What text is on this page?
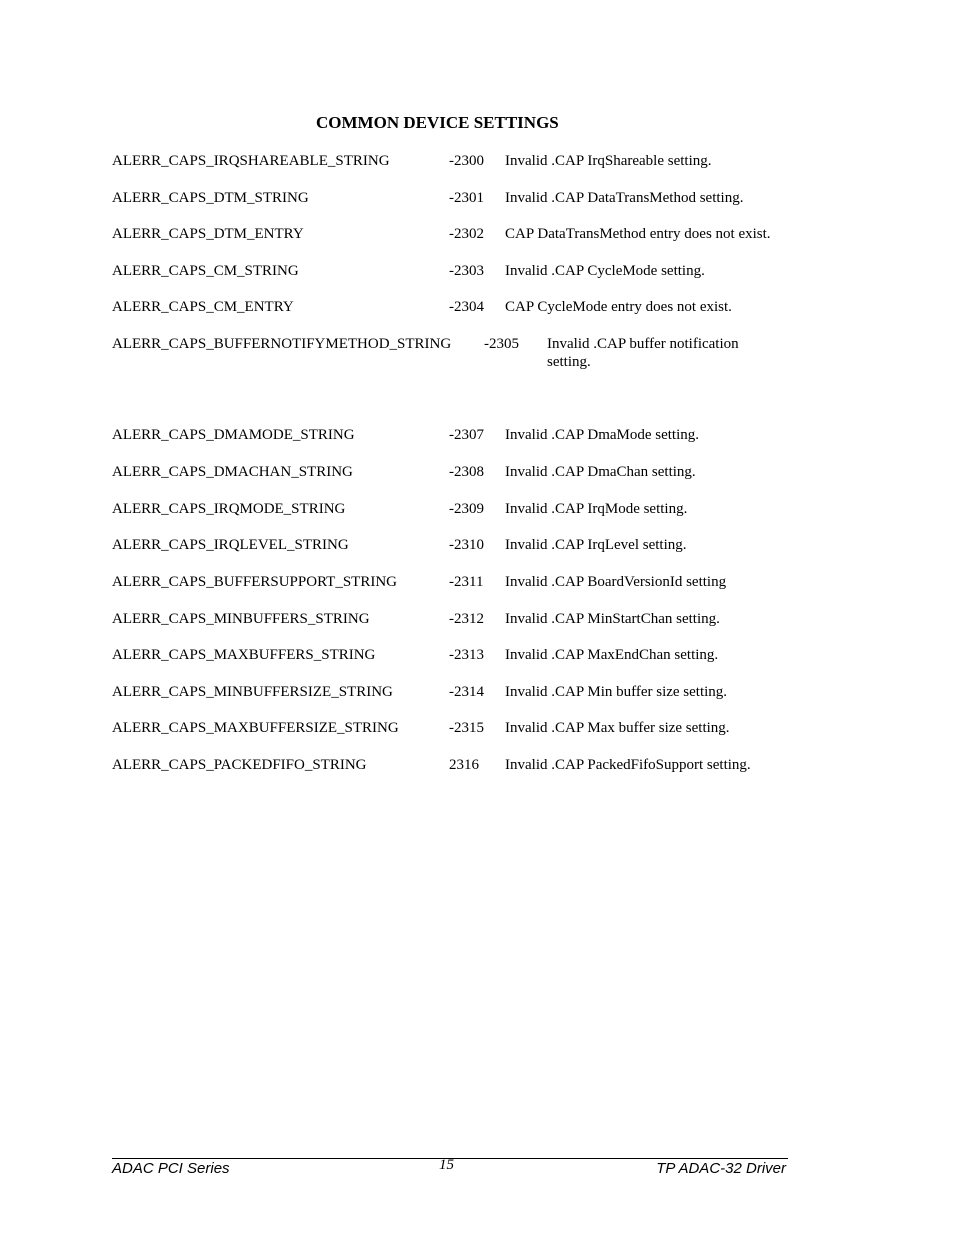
COMMON DEVICE SETTINGS
ALERR_CAPS_IRQSHAREABLE_STRING	-2300 Invalid .CAP IrqShareable setting.
ALERR_CAPS_DTM_STRING	-2301 Invalid .CAP DataTransMethod setting.
ALERR_CAPS_DTM_ENTRY	-2302 CAP DataTransMethod entry does not exist.
ALERR_CAPS_CM_STRING	-2303 Invalid .CAP CycleMode setting.
ALERR_CAPS_CM_ENTRY	-2304 CAP CycleMode entry does not exist.
ALERR_CAPS_BUFFERNOTIFYMETHOD_STRING -2305 Invalid .CAP buffer notification setting.
ALERR_CAPS_DMAMODE_STRING	-2307 Invalid .CAP DmaMode setting.
ALERR_CAPS_DMACHAN_STRING	-2308 Invalid .CAP DmaChan setting.
ALERR_CAPS_IRQMODE_STRING	-2309 Invalid .CAP IrqMode setting.
ALERR_CAPS_IRQLEVEL_STRING	-2310 Invalid .CAP IrqLevel setting.
ALERR_CAPS_BUFFERSUPPORT_STRING	-2311 Invalid .CAP BoardVersionId setting
ALERR_CAPS_MINBUFFERS_STRING	-2312 Invalid .CAP MinStartChan setting.
ALERR_CAPS_MAXBUFFERS_STRING	-2313 Invalid .CAP MaxEndChan setting.
ALERR_CAPS_MINBUFFERSIZE_STRING	-2314 Invalid .CAP Min buffer size setting.
ALERR_CAPS_MAXBUFFERSIZE_STRING	-2315 Invalid .CAP Max buffer size setting.
ALERR_CAPS_PACKEDFIFO_STRING	2316 Invalid .CAP PackedFifoSupport setting.
ADAC PCI Series	15	TP ADAC-32 Driver
